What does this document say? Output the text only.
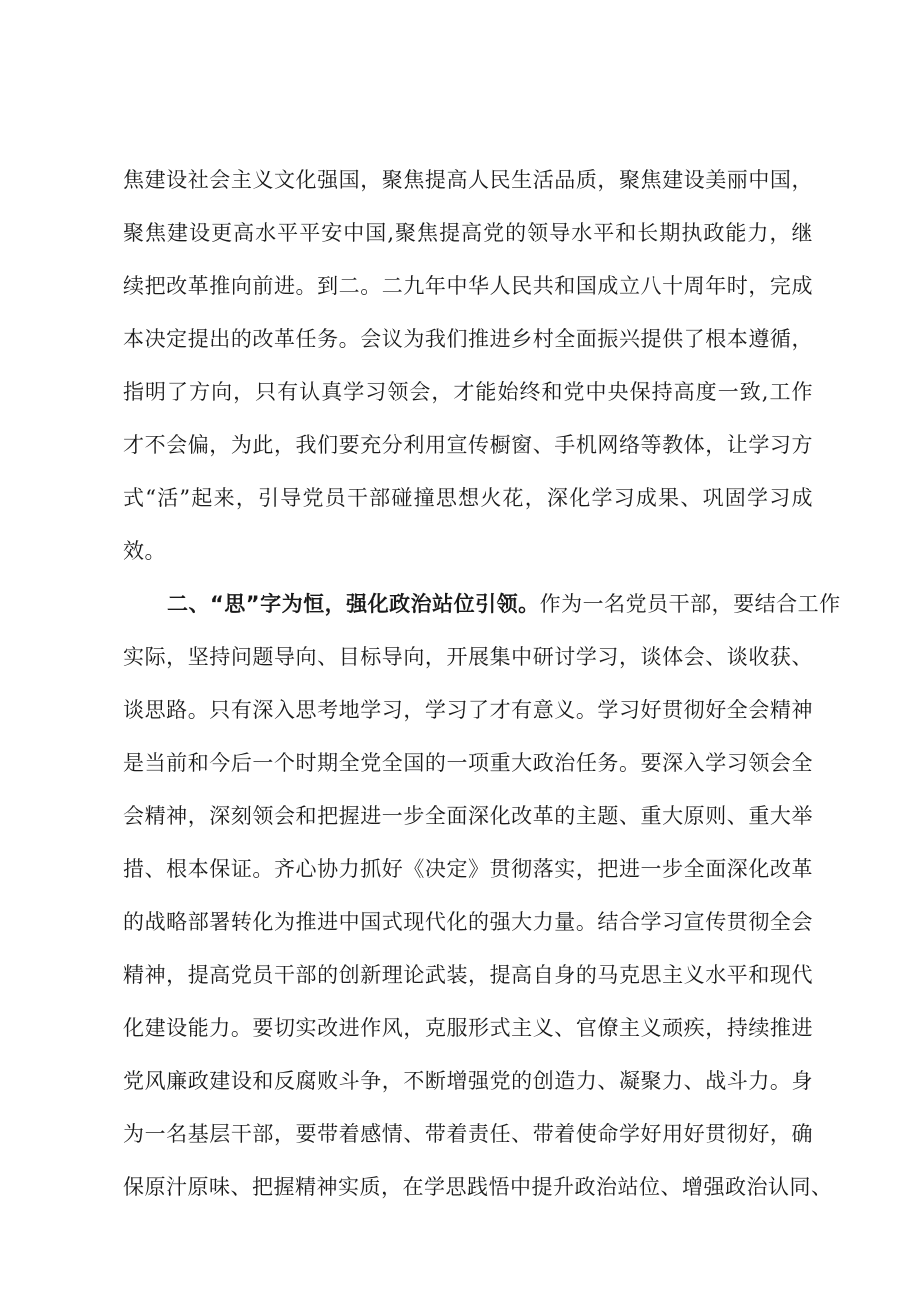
焦建设社会主义文化强国，聚焦提高人民生活品质，聚焦建设美丽中国，
聚焦建设更高水平平安中国,聚焦提高党的领导水平和长期执政能力，继
续把改革推向前进。到二。二九年中华人民共和国成立八十周年时，完成
本决定提出的改革任务。会议为我们推进乡村全面振兴提供了根本遵循，
指明了方向，只有认真学习领会，才能始终和党中央保持高度一致,工作
才不会偏，为此，我们要充分利用宣传橱窗、手机网络等教体，让学习方
式“活”起来，引导党员干部碰撞思想火花，深化学习成果、巩固学习成
效。
二、“思”字为恒，强化政治站位引领。作为一名党员干部，要结合工作
实际，坚持问题导向、目标导向，开展集中研讨学习，谈体会、谈收获、
谈思路。只有深入思考地学习，学习了才有意义。学习好贯彻好全会精神
是当前和今后一个时期全党全国的一项重大政治任务。要深入学习领会全
会精神，深刻领会和把握进一步全面深化改革的主题、重大原则、重大举
措、根本保证。齐心协力抓好《决定》贯彻落实，把进一步全面深化改革
的战略部署转化为推进中国式现代化的强大力量。结合学习宣传贯彻全会
精神，提高党员干部的创新理论武装，提高自身的马克思主义水平和现代
化建设能力。要切实改进作风，克服形式主义、官僚主义顽疾，持续推进
党风廉政建设和反腐败斗争，不断增强党的创造力、凝聚力、战斗力。身
为一名基层干部，要带着感情、带着责任、带着使命学好用好贯彻好，确
保原汁原味、把握精神实质，在学思践悟中提升政治站位、增强政治认同、
